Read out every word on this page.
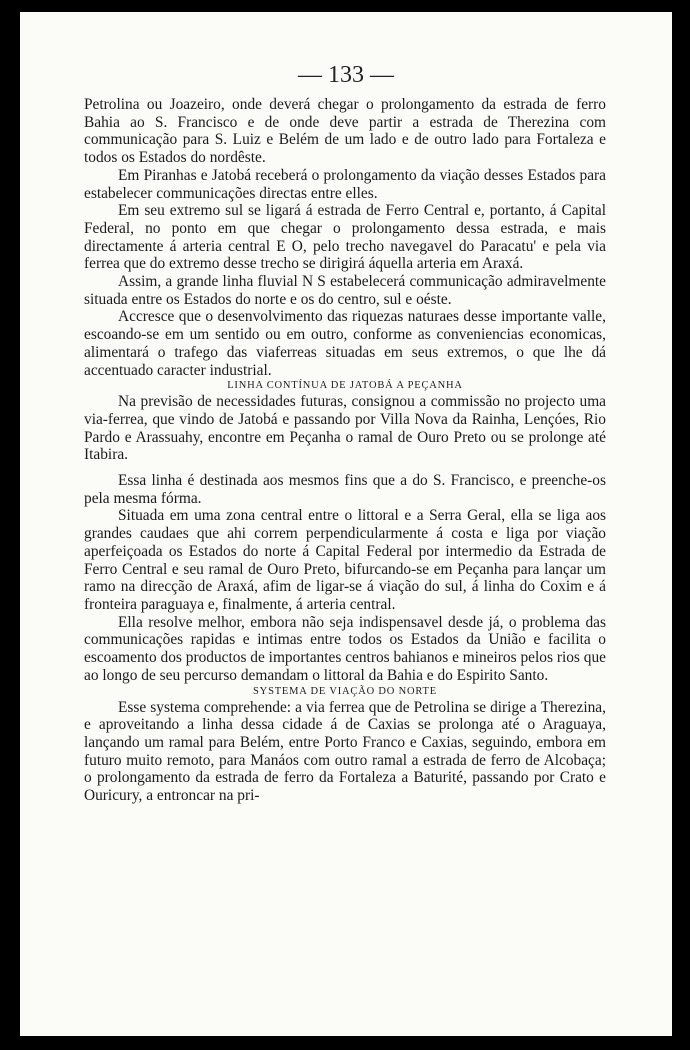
— 133 —

Petrolina ou Joazeiro, onde deverá chegar o prolongamento da estrada de ferro Bahia ao S. Francisco e de onde deve partir a estrada de Therezina com communicação para S. Luiz e Belém de um lado e de outro lado para Fortaleza e todos os Estados do nordêste.

Em Piranhas e Jatobá receberá o prolongamento da viação desses Estados para estabelecer communicações directas entre elles.

Em seu extremo sul se ligará á estrada de Ferro Central e, portanto, á Capital Federal, no ponto em que chegar o prolongamento dessa estrada, e mais directamente á arteria central E O, pelo trecho navegavel do Paracatu' e pela via ferrea que do extremo desse trecho se dirigirá áquella arteria em Araxá.

Assim, a grande linha fluvial N S estabelecerá communicação admiravelmente situada entre os Estados do norte e os do centro, sul e oéste.

Accresce que o desenvolvimento das riquezas naturaes desse importante valle, escoando-se em um sentido ou em outro, conforme as conveniencias economicas, alimentará o trafego das viaferreas situadas em seus extremos, o que lhe dá accentuado caracter industrial.

LINHA CONTÍNUA DE JATOBÁ A PEÇANHA

Na previsão de necessidades futuras, consignou a commissão no projecto uma via-ferrea, que vindo de Jatobá e passando por Villa Nova da Rainha, Lençóes, Rio Pardo e Arassuahy, encontre em Peçanha o ramal de Ouro Preto ou se prolonge até Itabira.

Essa linha é destinada aos mesmos fins que a do S. Francisco, e preenche-os pela mesma fórma.

Situada em uma zona central entre o littoral e a Serra Geral, ella se liga aos grandes caudaes que ahi correm perpendicularmente á costa e liga por viação aperfeiçoada os Estados do norte á Capital Federal por intermedio da Estrada de Ferro Central e seu ramal de Ouro Preto, bifurcando-se em Peçanha para lançar um ramo na direcção de Araxá, afim de ligar-se á viação do sul, á linha do Coxim e á fronteira paraguaya e, finalmente, á arteria central.

Ella resolve melhor, embora não seja indispensavel desde já, o problema das communicações rapidas e intimas entre todos os Estados da União e facilita o escoamento dos productos de importantes centros bahianos e mineiros pelos rios que ao longo de seu percurso demandam o littoral da Bahia e do Espirito Santo.

SYSTEMA DE VIAÇÃO DO NORTE

Esse systema comprehende: a via ferrea que de Petrolina se dirige a Therezina, e aproveitando a linha dessa cidade á de Caxias se prolonga até o Araguaya, lançando um ramal para Belém, entre Porto Franco e Caxias, seguindo, embora em futuro muito remoto, para Manáos com outro ramal a estrada de ferro de Alcobaça; o prolongamento da estrada de ferro da Fortaleza a Baturité, passando por Crato e Ouricury, a entroncar na pri-
